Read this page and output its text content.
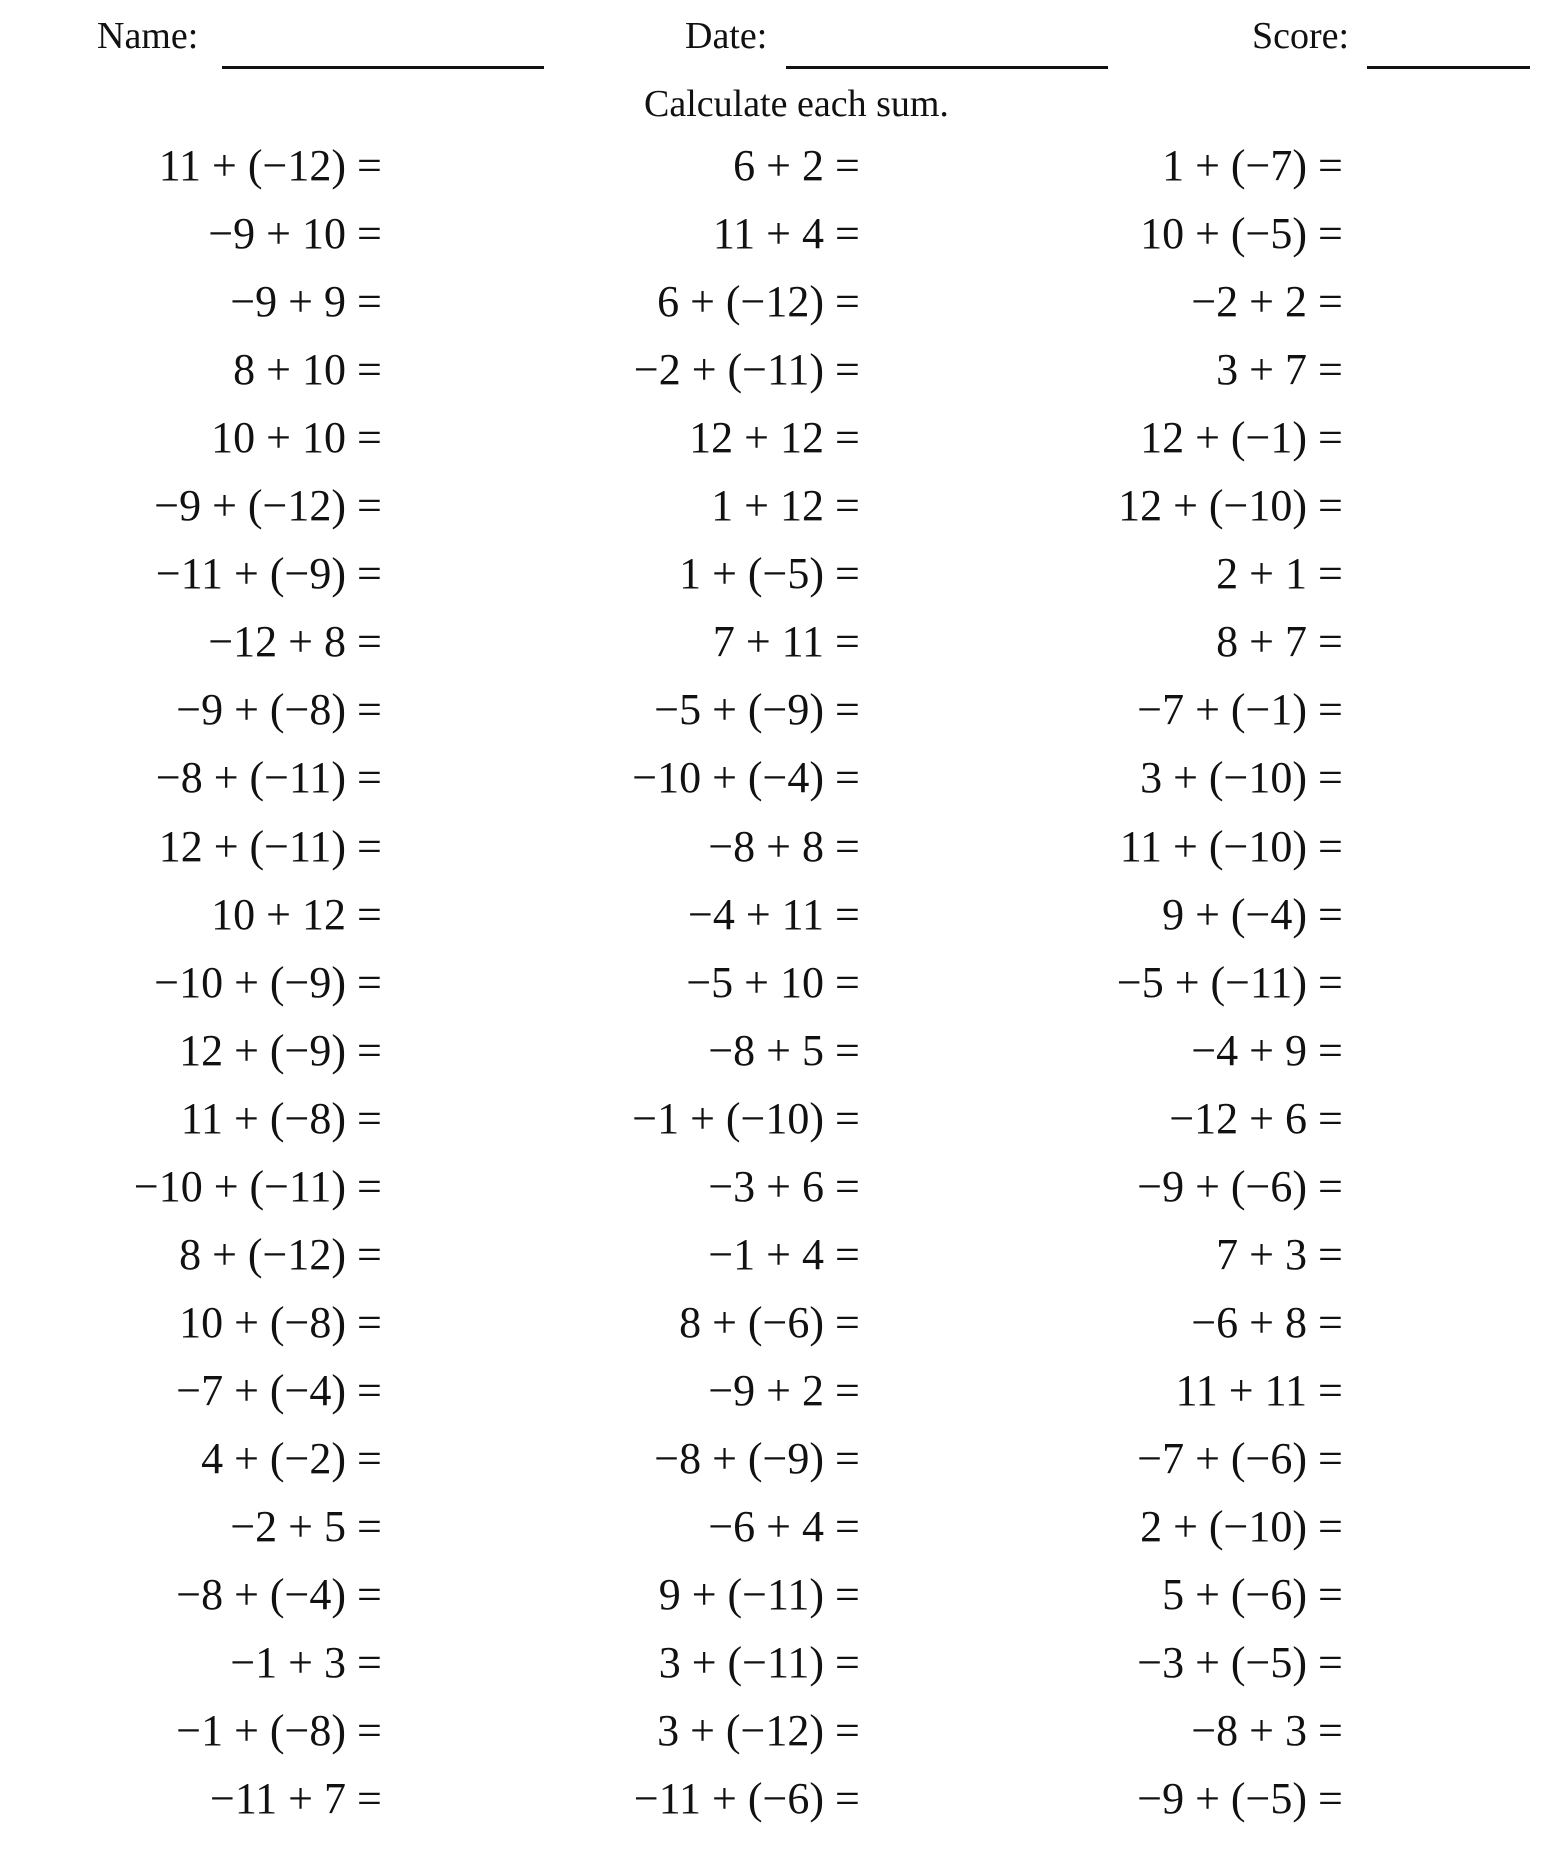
Name:	Date:	Score:
Calculate each sum.
11 + (−12) =
−9 + 10 =
−9 + 9 =
8 + 10 =
10 + 10 =
−9 + (−12) =
−11 + (−9) =
−12 + 8 =
−9 + (−8) =
−8 + (−11) =
12 + (−11) =
10 + 12 =
−10 + (−9) =
12 + (−9) =
11 + (−8) =
−10 + (−11) =
8 + (−12) =
10 + (−8) =
−7 + (−4) =
4 + (−2) =
−2 + 5 =
−8 + (−4) =
−1 + 3 =
−1 + (−8) =
−11 + 7 =
6 + 2 =
11 + 4 =
6 + (−12) =
−2 + (−11) =
12 + 12 =
1 + 12 =
1 + (−5) =
7 + 11 =
−5 + (−9) =
−10 + (−4) =
−8 + 8 =
−4 + 11 =
−5 + 10 =
−8 + 5 =
−1 + (−10) =
−3 + 6 =
−1 + 4 =
8 + (−6) =
−9 + 2 =
−8 + (−9) =
−6 + 4 =
9 + (−11) =
3 + (−11) =
3 + (−12) =
−11 + (−6) =
1 + (−7) =
10 + (−5) =
−2 + 2 =
3 + 7 =
12 + (−1) =
12 + (−10) =
2 + 1 =
8 + 7 =
−7 + (−1) =
3 + (−10) =
11 + (−10) =
9 + (−4) =
−5 + (−11) =
−4 + 9 =
−12 + 6 =
−9 + (−6) =
7 + 3 =
−6 + 8 =
11 + 11 =
−7 + (−6) =
2 + (−10) =
5 + (−6) =
−3 + (−5) =
−8 + 3 =
−9 + (−5) =
